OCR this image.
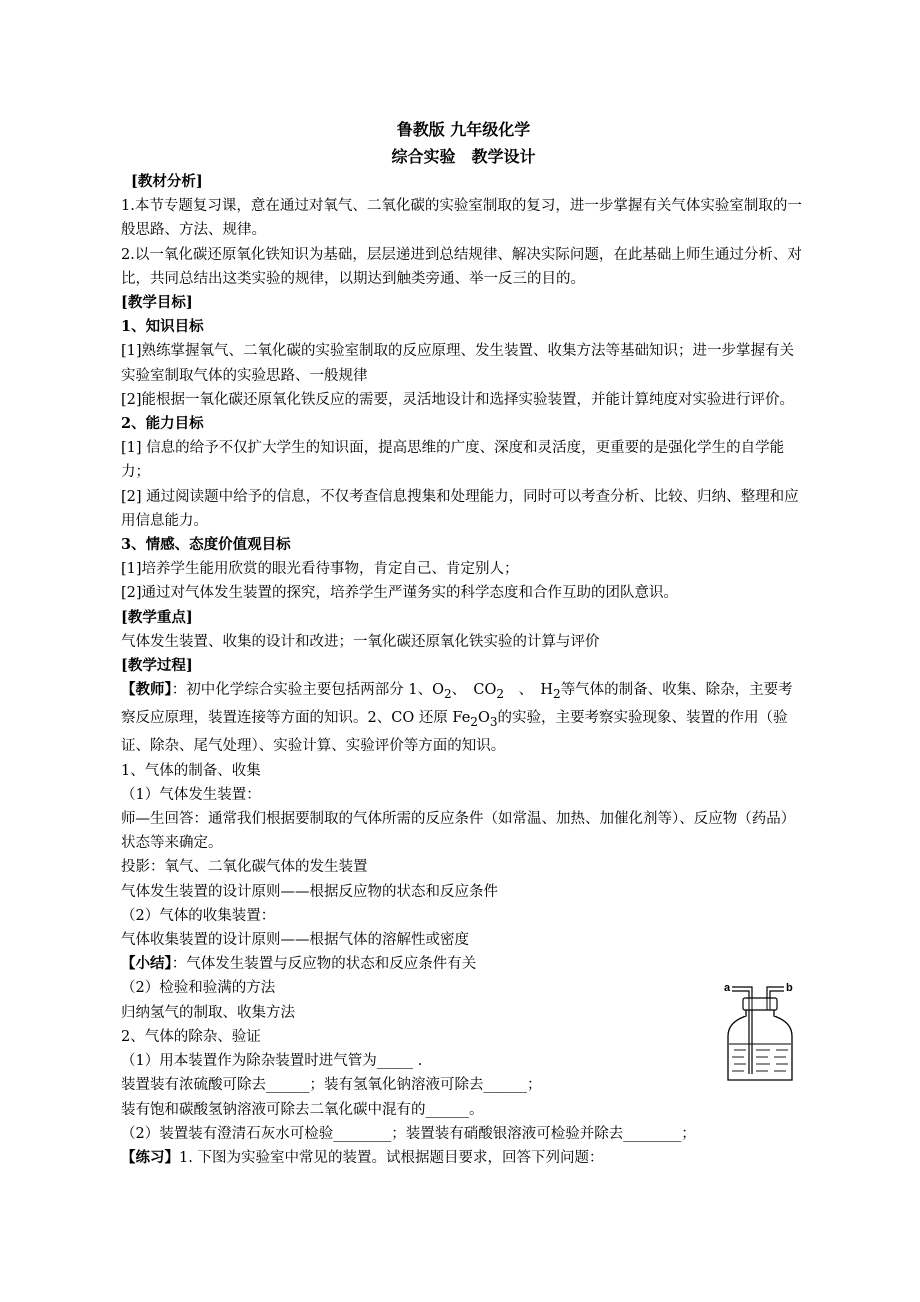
鲁教版 九年级化学
综合实验　教学设计

[教材分析]

1.本节专题复习课，意在通过对氧气、二氧化碳的实验室制取的复习，进一步掌握有关气体实验室制取的一般思路、方法、规律。

2.以一氧化碳还原氧化铁知识为基础，层层递进到总结规律、解决实际问题，在此基础上师生通过分析、对比，共同总结出这类实验的规律，以期达到触类旁通、举一反三的目的。

[教学目标]

1、知识目标

[1]熟练掌握氧气、二氧化碳的实验室制取的反应原理、发生装置、收集方法等基础知识；进一步掌握有关实验室制取气体的实验思路、一般规律

[2]能根据一氧化碳还原氧化铁反应的需要，灵活地设计和选择实验装置，并能计算纯度对实验进行评价。

2、能力目标

[1] 信息的给予不仅扩大学生的知识面，提高思维的广度、深度和灵活度，更重要的是强化学生的自学能力；

[2] 通过阅读题中给予的信息，不仅考查信息搜集和处理能力，同时可以考查分析、比较、归纳、整理和应用信息能力。

3、情感、态度价值观目标

[1]培养学生能用欣赏的眼光看待事物，肯定自己、肯定别人；

[2]通过对气体发生装置的探究，培养学生严谨务实的科学态度和合作互助的团队意识。

[教学重点]

气体发生装置、收集的设计和改进；一氧化碳还原氧化铁实验的计算与评价

[教学过程]

【教师】：初中化学综合实验主要包括两部分 1、$O_2$、　$CO_2$　、　$H_2$等气体的制备、收集、除杂，主要考察反应原理，装置连接等方面的知识。2、CO 还原 $Fe_2O_3$的实验，主要考察实验现象、装置的作用（验证、除杂、尾气处理）、实验计算、实验评价等方面的知识。

1、气体的制备、收集

（1）气体发生装置：

师—生回答：通常我们根据要制取的气体所需的反应条件（如常温、加热、加催化剂等）、反应物（药品）状态等来确定。

投影：氧气、二氧化碳气体的发生装置

气体发生装置的设计原则——根据反应物的状态和反应条件

（2）气体的收集装置：

气体收集装置的设计原则——根据气体的溶解性或密度

【小结】：气体发生装置与反应物的状态和反应条件有关

（2）检验和验满的方法

归纳氢气的制取、收集方法

2、气体的除杂、验证

（1）用本装置作为除杂装置时进气管为_____ .

装置装有浓硫酸可除去______；装有氢氧化钠溶液可除去______；

装有饱和碳酸氢钠溶液可除去二氧化碳中混有的______。

（2）装置装有澄清石灰水可检验________；装置装有硝酸银溶液可检验并除去________；

【练习】1. 下图为实验室中常见的装置。试根据题目要求，回答下列问题：

a	b
